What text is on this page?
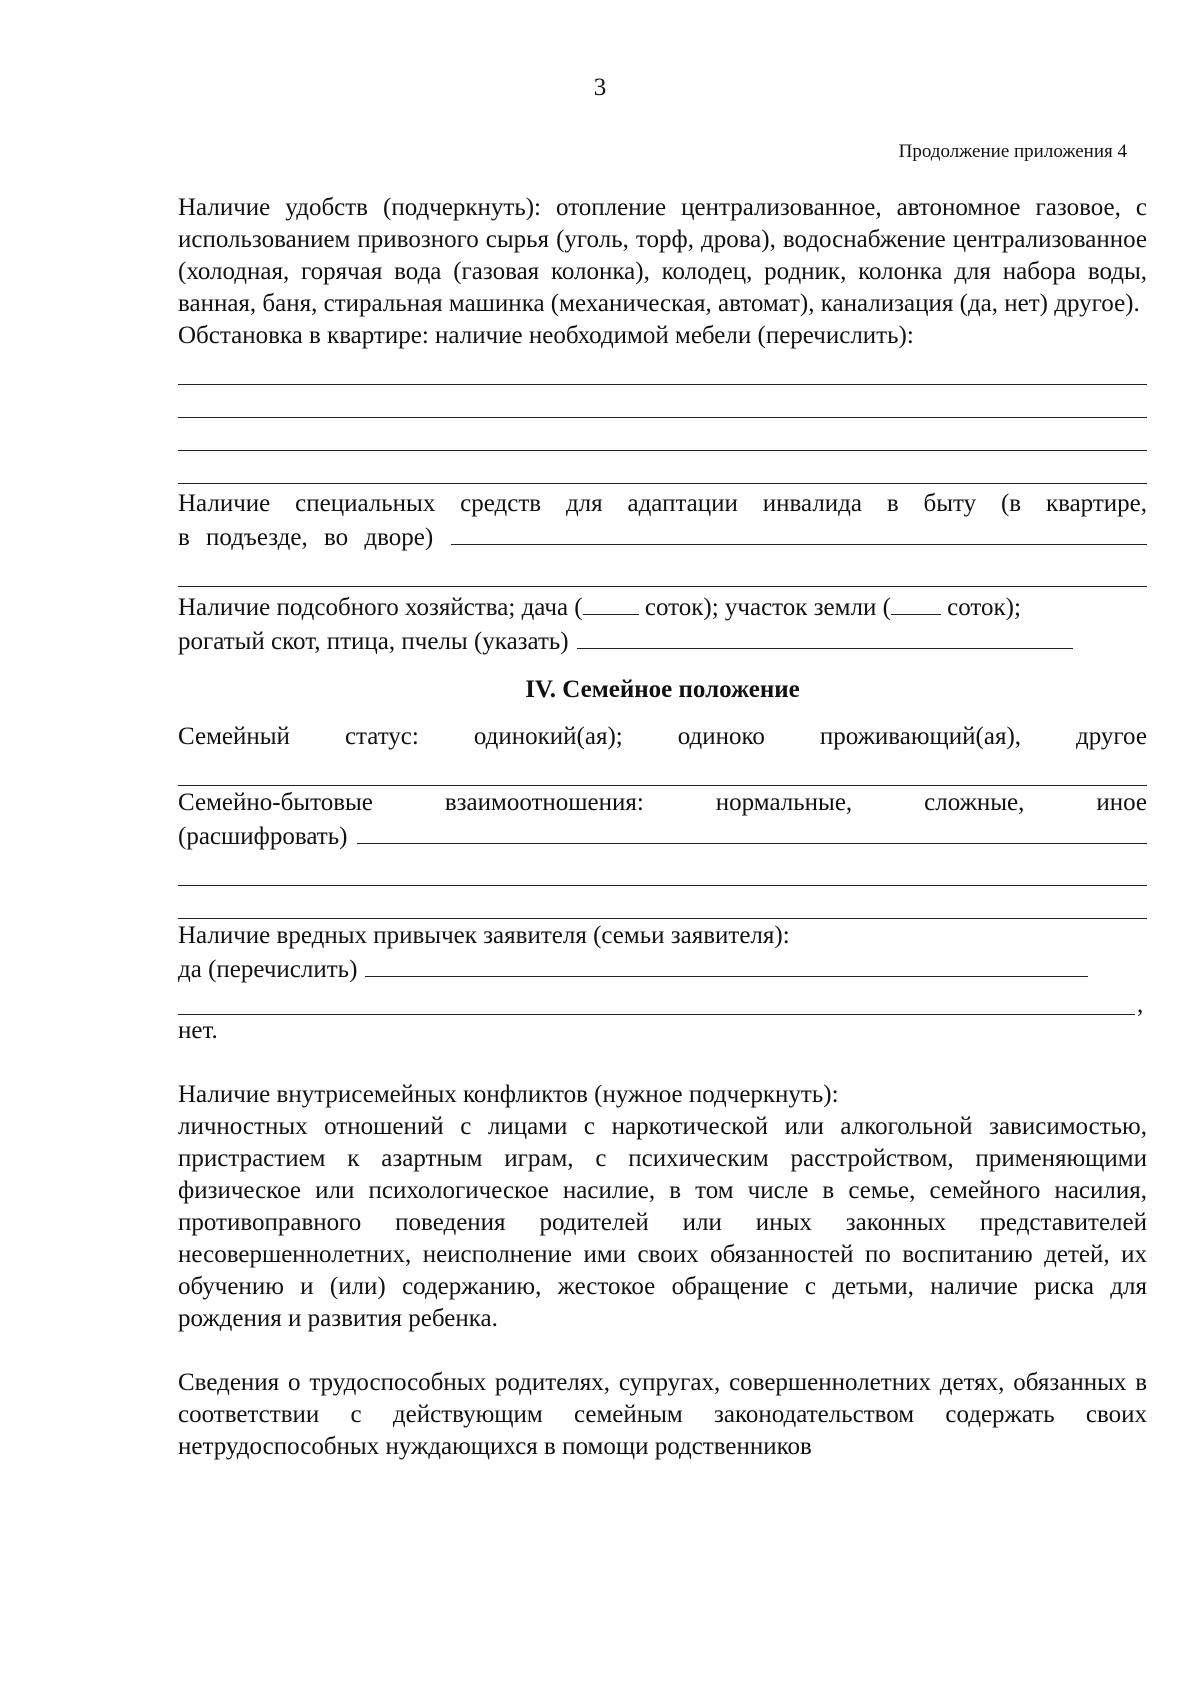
3
Продолжение приложения 4

Наличие удобств (подчеркнуть): отопление централизованное, автономное газовое, с использованием привозного сырья (уголь, торф, дрова), водоснабжение централизованное (холодная, горячая вода (газовая колонка), колодец, родник, колонка для набора воды, ванная, баня, стиральная машинка (механическая, автомат), канализация (да, нет) другое).

Обстановка в квартире: наличие необходимой мебели (перечислить):

Наличие специальных средств для адаптации инвалида в быту (в квартире,

в подъезде, во дворе)
Наличие подсобного хозяйства; дача ( соток); участок земли ( соток);
рогатый скот, птица, пчелы (указать)
IV. Семейное положение
Семейный статус: одинокий(ая); одиноко проживающий(ая), другое
Семейно-бытовые	взаимоотношения:	нормальные,	сложные,	иное
(расшифровать)

Наличие вредных привычек заявителя (семьи заявителя):

да (перечислить)
,

нет.

Наличие внутрисемейных конфликтов (нужное подчеркнуть):

личностных отношений с лицами с наркотической или алкогольной зависимостью, пристрастием к азартным играм, с психическим расстройством, применяющими физическое или психологическое насилие, в том числе в семье, семейного насилия, противоправного поведения родителей или иных законных представителей несовершеннолетних, неисполнение ими своих обязанностей по воспитанию детей, их обучению и (или) содержанию, жестокое обращение с детьми, наличие риска для рождения и развития ребенка.

Сведения о трудоспособных родителях, супругах, совершеннолетних детях, обязанных в соответствии с действующим семейным законодательством содержать своих нетрудоспособных нуждающихся в помощи родственников
